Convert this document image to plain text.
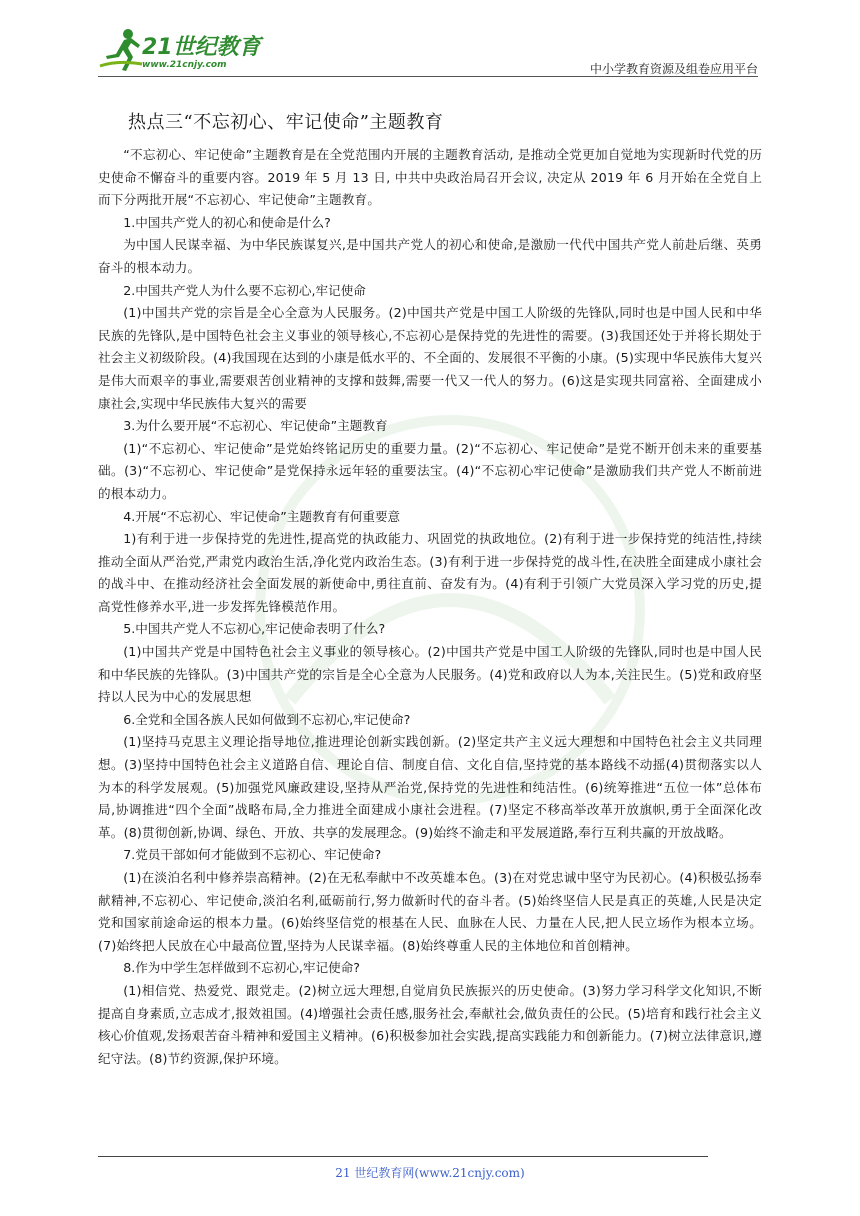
21世纪教育
www.21cnjy.com	中小学教育资源及组卷应用平台
热点三“不忘初心、牢记使命”主题教育

“不忘初心、牢记使命”主题教育是在全党范围内开展的主题教育活动, 是推动全党更加自觉地为实现新时代党的历史使命不懈奋斗的重要内容。2019 年 5 月 13 日, 中共中央政治局召开会议, 决定从 2019 年 6 月开始在全党自上而下分两批开展“不忘初心、牢记使命”主题教育。

1.中国共产党人的初心和使命是什么?

为中国人民谋幸福、为中华民族谋复兴,是中国共产党人的初心和使命,是激励一代代中国共产党人前赴后继、英勇奋斗的根本动力。

2.中国共产党人为什么要不忘初心,牢记使命

(1)中国共产党的宗旨是全心全意为人民服务。(2)中国共产党是中国工人阶级的先锋队,同时也是中国人民和中华民族的先锋队,是中国特色社会主义事业的领导核心,不忘初心是保持党的先进性的需要。(3)我国还处于并将长期处于社会主义初级阶段。(4)我国现在达到的小康是低水平的、不全面的、发展很不平衡的小康。(5)实现中华民族伟大复兴是伟大而艰辛的事业,需要艰苦创业精神的支撑和鼓舞,需要一代又一代人的努力。(6)这是实现共同富裕、全面建成小康社会,实现中华民族伟大复兴的需要

3.为什么要开展“不忘初心、牢记使命”主题教育

(1)“不忘初心、牢记使命”是党始终铭记历史的重要力量。(2)“不忘初心、牢记使命”是党不断开创未来的重要基础。(3)“不忘初心、牢记使命”是党保持永远年轻的重要法宝。(4)“不忘初心牢记使命”是激励我们共产党人不断前进的根本动力。

4.开展“不忘初心、牢记使命”主题教育有何重要意

1)有利于进一步保持党的先进性,提高党的执政能力、巩固党的执政地位。(2)有利于进一步保持党的纯洁性,持续推动全面从严治党,严肃党内政治生活,净化党内政治生态。(3)有利于进一步保持党的战斗性,在决胜全面建成小康社会的战斗中、在推动经济社会全面发展的新使命中,勇往直前、奋发有为。(4)有利于引领广大党员深入学习党的历史,提高党性修养水平,进一步发挥先锋模范作用。

5.中国共产党人不忘初心,牢记使命表明了什么?

(1)中国共产党是中国特色社会主义事业的领导核心。(2)中国共产党是中国工人阶级的先锋队,同时也是中国人民和中华民族的先锋队。(3)中国共产党的宗旨是全心全意为人民服务。(4)党和政府以人为本,关注民生。(5)党和政府坚持以人民为中心的发展思想

6.全党和全国各族人民如何做到不忘初心,牢记使命?

(1)坚持马克思主义理论指导地位,推进理论创新实践创新。(2)坚定共产主义远大理想和中国特色社会主义共同理想。(3)坚持中国特色社会主义道路自信、理论自信、制度自信、文化自信,坚持党的基本路线不动摇(4)贯彻落实以人为本的科学发展观。(5)加强党风廉政建设,坚持从严治党,保持党的先进性和纯洁性。(6)统筹推进“五位一体”总体布局,协调推进“四个全面”战略布局,全力推进全面建成小康社会进程。(7)坚定不移高举改革开放旗帜,勇于全面深化改革。(8)贯彻创新,协调、绿色、开放、共享的发展理念。(9)始终不渝走和平发展道路,奉行互利共赢的开放战略。

7.党员干部如何才能做到不忘初心、牢记使命?

(1)在淡泊名利中修养崇高精神。(2)在无私奉献中不改英雄本色。(3)在对党忠诚中坚守为民初心。(4)积极弘扬奉献精神,不忘初心、牢记使命,淡泊名利,砥砺前行,努力做新时代的奋斗者。(5)始终坚信人民是真正的英雄,人民是决定党和国家前途命运的根本力量。(6)始终坚信党的根基在人民、血脉在人民、力量在人民,把人民立场作为根本立场。(7)始终把人民放在心中最高位置,坚持为人民谋幸福。(8)始终尊重人民的主体地位和首创精神。

8.作为中学生怎样做到不忘初心,牢记使命?

(1)相信党、热爱党、跟党走。(2)树立远大理想,自觉肩负民族振兴的历史使命。(3)努力学习科学文化知识,不断提高自身素质,立志成才,报效祖国。(4)增强社会责任感,服务社会,奉献社会,做负责任的公民。(5)培育和践行社会主义核心价值观,发扬艰苦奋斗精神和爱国主义精神。(6)积极参加社会实践,提高实践能力和创新能力。(7)树立法律意识,遵纪守法。(8)节约资源,保护环境。

21 世纪教育网(www.21cnjy.com)
